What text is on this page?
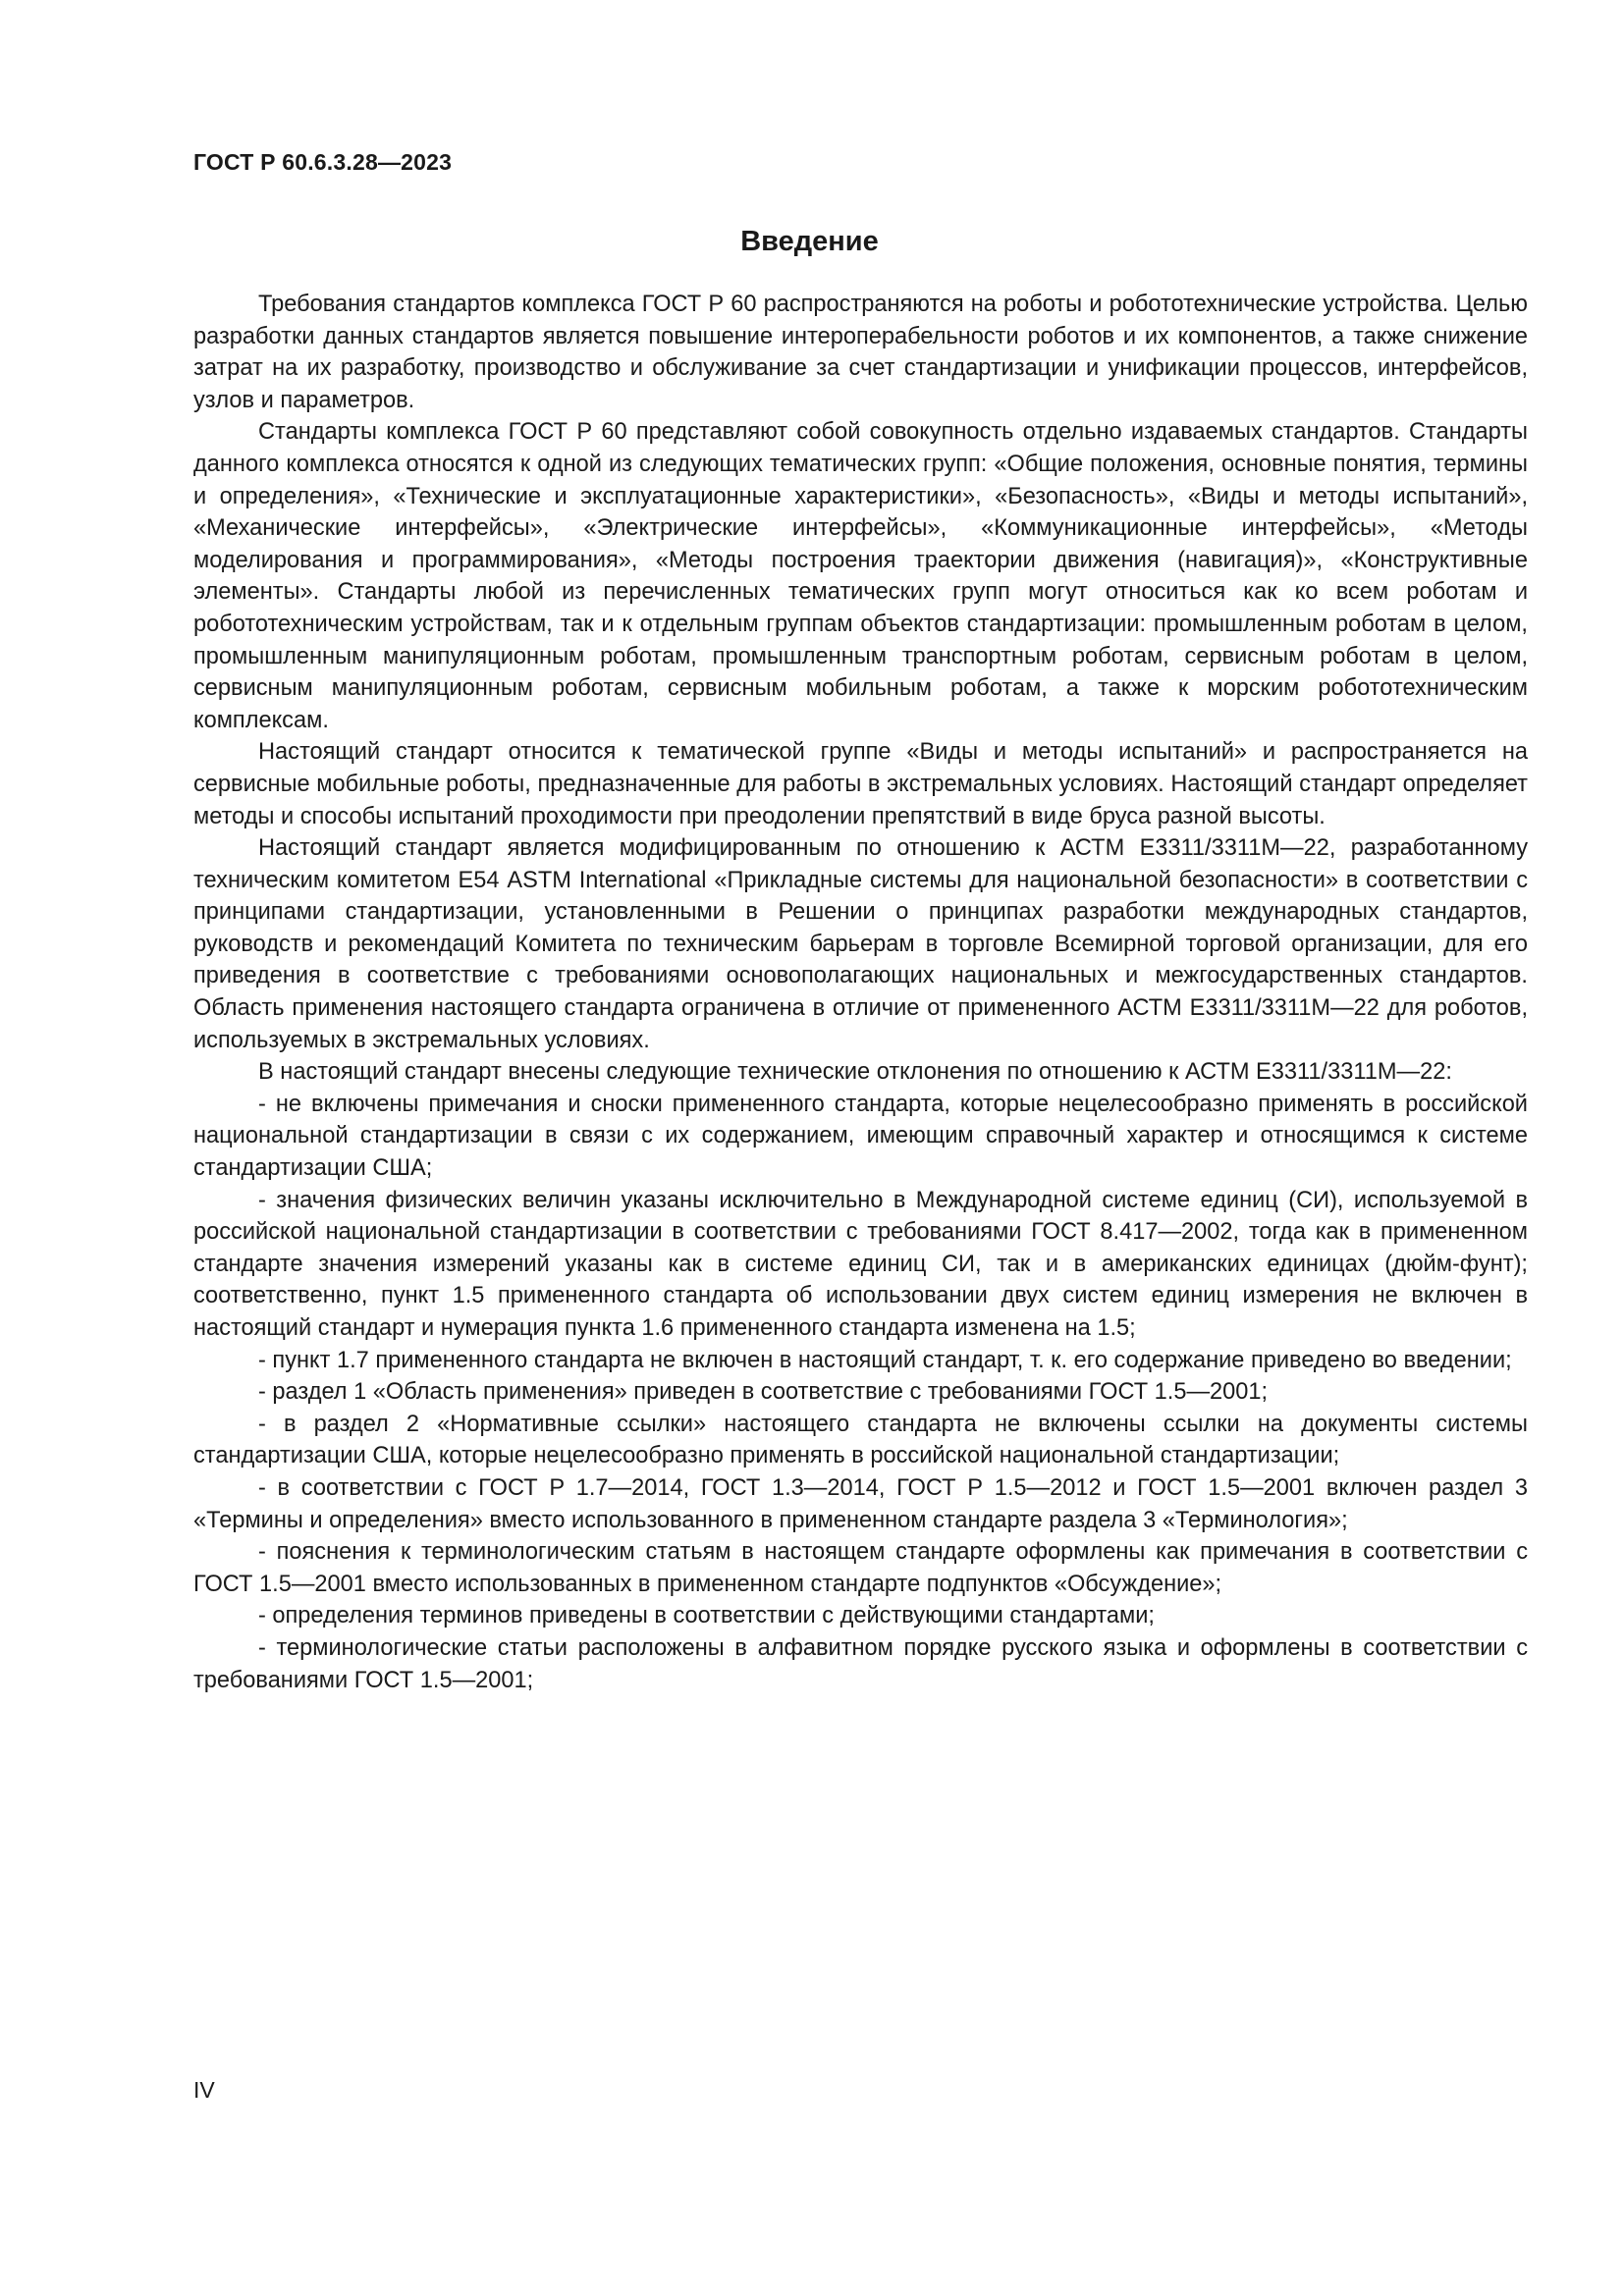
ГОСТ Р 60.6.3.28—2023
Введение

Требования стандартов комплекса ГОСТ Р 60 распространяются на роботы и робототехнические устройства. Целью разработки данных стандартов является повышение интероперабельности роботов и их компонентов, а также снижение затрат на их разработку, производство и обслуживание за счет стандартизации и унификации процессов, интерфейсов, узлов и параметров.

Стандарты комплекса ГОСТ Р 60 представляют собой совокупность отдельно издаваемых стандартов. Стандарты данного комплекса относятся к одной из следующих тематических групп: «Общие положения, основные понятия, термины и определения», «Технические и эксплуатационные характеристики», «Безопасность», «Виды и методы испытаний», «Механические интерфейсы», «Электрические интерфейсы», «Коммуникационные интерфейсы», «Методы моделирования и программирования», «Методы построения траектории движения (навигация)», «Конструктивные элементы». Стандарты любой из перечисленных тематических групп могут относиться как ко всем роботам и робототехническим устройствам, так и к отдельным группам объектов стандартизации: промышленным роботам в целом, промышленным манипуляционным роботам, промышленным транспортным роботам, сервисным роботам в целом, сервисным манипуляционным роботам, сервисным мобильным роботам, а также к морским робототехническим комплексам.

Настоящий стандарт относится к тематической группе «Виды и методы испытаний» и распространяется на сервисные мобильные роботы, предназначенные для работы в экстремальных условиях. Настоящий стандарт определяет методы и способы испытаний проходимости при преодолении препятствий в виде бруса разной высоты.

Настоящий стандарт является модифицированным по отношению к АСТМ Е3311/3311М—22, разработанному техническим комитетом Е54 ASTM International «Прикладные системы для национальной безопасности» в соответствии с принципами стандартизации, установленными в Решении о принципах разработки международных стандартов, руководств и рекомендаций Комитета по техническим барьерам в торговле Всемирной торговой организации, для его приведения в соответствие с требованиями основополагающих национальных и межгосударственных стандартов. Область применения настоящего стандарта ограничена в отличие от примененного АСТМ Е3311/3311М—22 для роботов, используемых в экстремальных условиях.

В настоящий стандарт внесены следующие технические отклонения по отношению к АСТМ Е3311/3311М—22:

- не включены примечания и сноски примененного стандарта, которые нецелесообразно применять в российской национальной стандартизации в связи с их содержанием, имеющим справочный характер и относящимся к системе стандартизации США;

- значения физических величин указаны исключительно в Международной системе единиц (СИ), используемой в российской национальной стандартизации в соответствии с требованиями ГОСТ 8.417—2002, тогда как в примененном стандарте значения измерений указаны как в системе единиц СИ, так и в американских единицах (дюйм-фунт); соответственно, пункт 1.5 примененного стандарта об использовании двух систем единиц измерения не включен в настоящий стандарт и нумерация пункта 1.6 примененного стандарта изменена на 1.5;

- пункт 1.7 примененного стандарта не включен в настоящий стандарт, т. к. его содержание приведено во введении;

- раздел 1 «Область применения» приведен в соответствие с требованиями ГОСТ 1.5—2001;

- в раздел 2 «Нормативные ссылки» настоящего стандарта не включены ссылки на документы системы стандартизации США, которые нецелесообразно применять в российской национальной стандартизации;

- в соответствии с ГОСТ Р 1.7—2014, ГОСТ 1.3—2014, ГОСТ Р 1.5—2012 и ГОСТ 1.5—2001 включен раздел 3 «Термины и определения» вместо использованного в примененном стандарте раздела 3 «Терминология»;

- пояснения к терминологическим статьям в настоящем стандарте оформлены как примечания в соответствии с ГОСТ 1.5—2001 вместо использованных в примененном стандарте подпунктов «Обсуждение»;

- определения терминов приведены в соответствии с действующими стандартами;

- терминологические статьи расположены в алфавитном порядке русского языка и оформлены в соответствии с требованиями ГОСТ 1.5—2001;

IV
